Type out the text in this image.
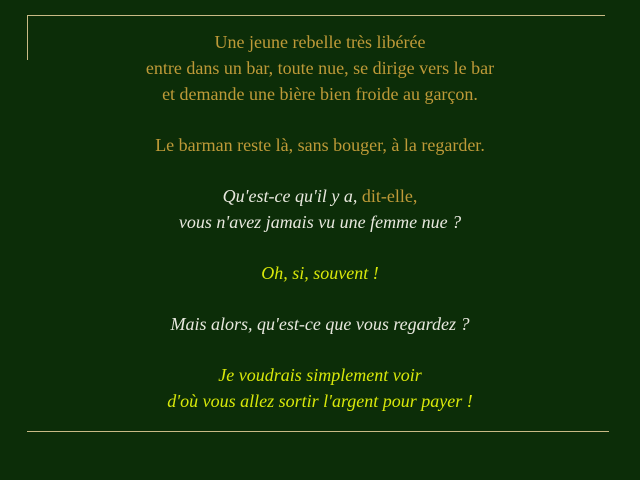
Une jeune rebelle très libérée
entre dans un bar, toute nue, se dirige vers le bar
et demande une bière bien froide au garçon.

Le barman reste là, sans bouger, à la regarder.

Qu'est-ce qu'il y a, dit-elle,
vous n'avez jamais vu une femme nue ?

Oh, si, souvent !

Mais alors, qu'est-ce que vous regardez ?

Je voudrais simplement voir
d'où vous allez sortir l'argent pour payer !
